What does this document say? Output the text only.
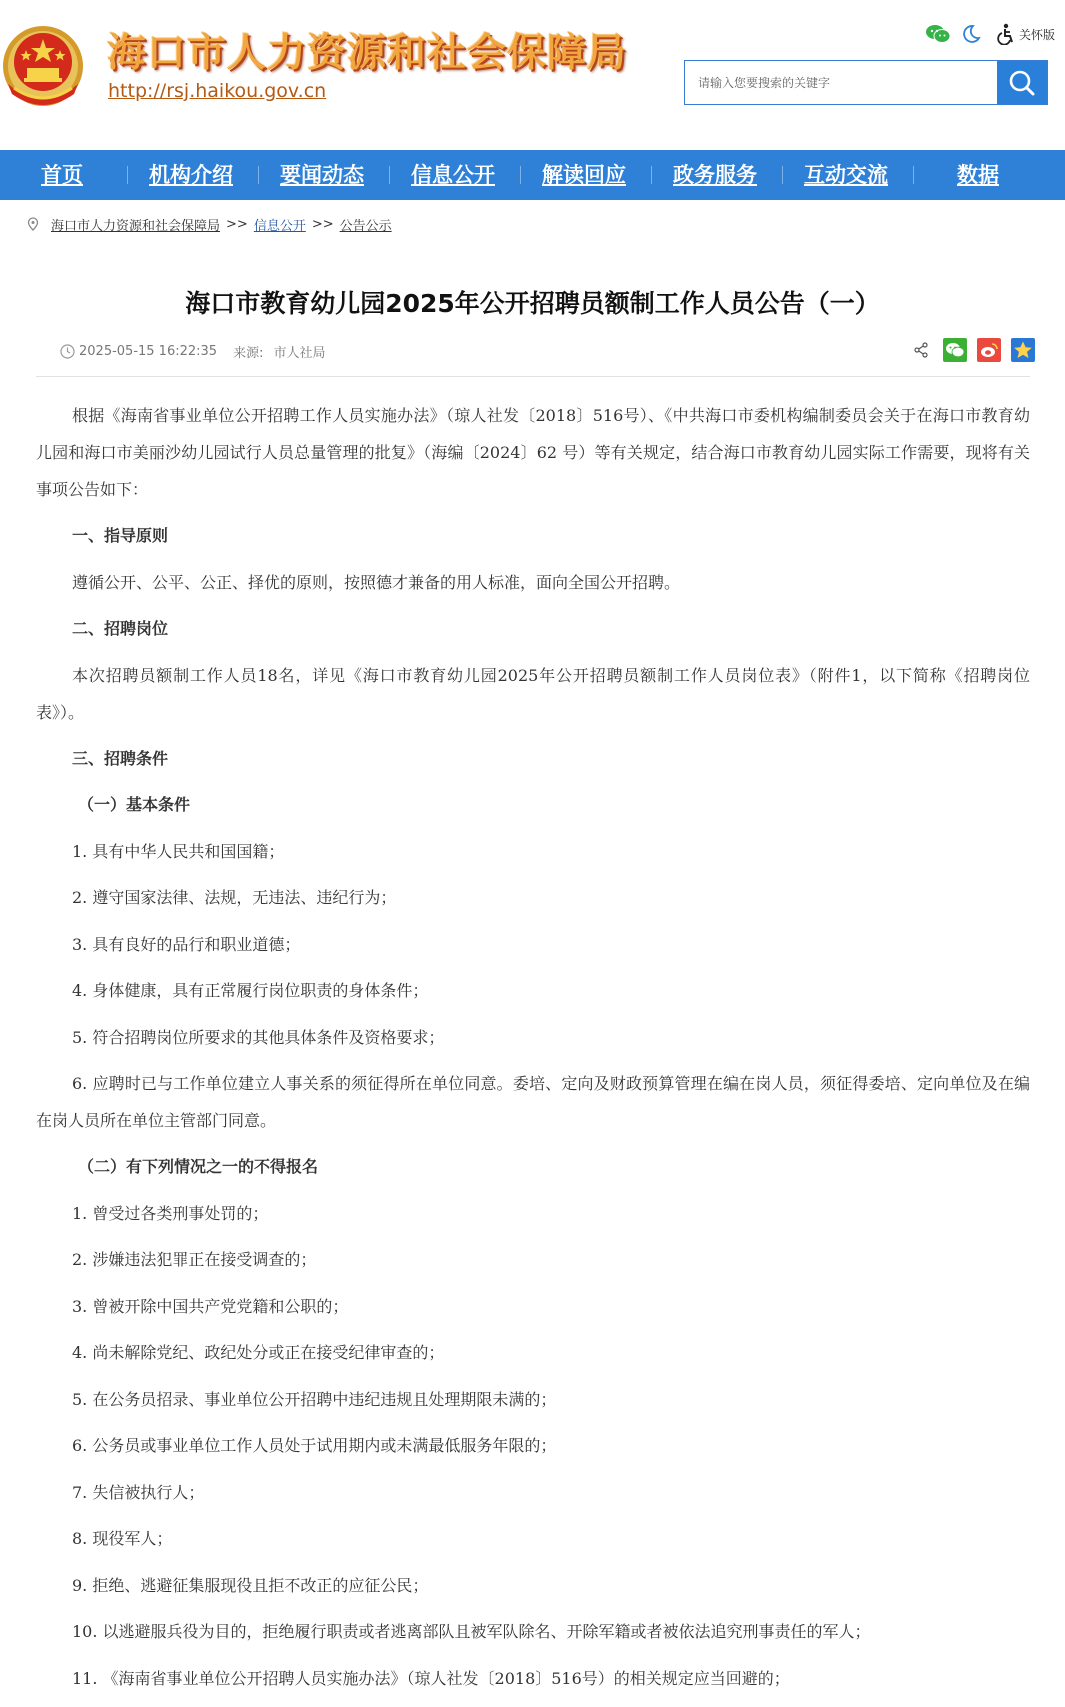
海口市人力资源和社会保障局
http://rsj.haikou.gov.cn
关怀版
请输入您要搜索的关键字
首页	机构介绍 要闻动态 信息公开 解读回应 政务服务 互动交流	数据
海口市人力资源和社会保障局 >> 信息公开 >> 公告公示
海口市教育幼儿园2025年公开招聘员额制工作人员公告（一）
2025-05-15 16:22:35 来源: 市人社局

根据《海南省事业单位公开招聘工作人员实施办法》（琼人社发〔2018〕516号）、《中共海口市委机构编制委员会关于在海口市教育幼儿园和海口市美丽沙幼儿园试行人员总量管理的批复》（海编〔2024〕62 号）等有关规定，结合海口市教育幼儿园实际工作需要，现将有关事项公告如下：

一、指导原则

遵循公开、公平、公正、择优的原则，按照德才兼备的用人标准，面向全国公开招聘。

二、招聘岗位

本次招聘员额制工作人员18名，详见《海口市教育幼儿园2025年公开招聘员额制工作人员岗位表》（附件1，以下简称《招聘岗位表》）。

三、招聘条件

（一）基本条件

1. 具有中华人民共和国国籍；

2. 遵守国家法律、法规，无违法、违纪行为；

3. 具有良好的品行和职业道德；

4. 身体健康，具有正常履行岗位职责的身体条件；

5. 符合招聘岗位所要求的其他具体条件及资格要求；

6. 应聘时已与工作单位建立人事关系的须征得所在单位同意。委培、定向及财政预算管理在编在岗人员，须征得委培、定向单位及在编在岗人员所在单位主管部门同意。

（二）有下列情况之一的不得报名

1. 曾受过各类刑事处罚的；

2. 涉嫌违法犯罪正在接受调查的；

3. 曾被开除中国共产党党籍和公职的；

4. 尚未解除党纪、政纪处分或正在接受纪律审查的；

5. 在公务员招录、事业单位公开招聘中违纪违规且处理期限未满的；

6. 公务员或事业单位工作人员处于试用期内或未满最低服务年限的；

7. 失信被执行人；

8. 现役军人；

9. 拒绝、逃避征集服现役且拒不改正的应征公民；

10. 以逃避服兵役为目的，拒绝履行职责或者逃离部队且被军队除名、开除军籍或者被依法追究刑事责任的军人；

11. 《海南省事业单位公开招聘人员实施办法》（琼人社发〔2018〕516号）的相关规定应当回避的；
